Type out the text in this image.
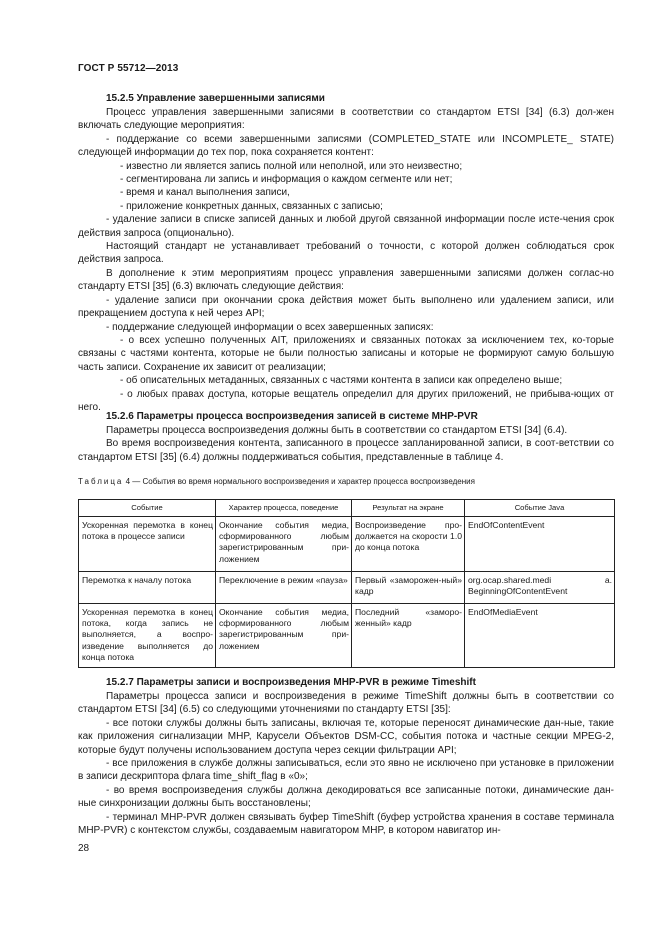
ГОСТ Р 55712—2013
15.2.5 Управление завершенными записями

Процесс управления завершенными записями в соответствии со стандартом ETSI [34] (6.3) дол-жен включать следующие мероприятия:

- поддержание со всеми завершенными записями (COMPLETED_STATE или INCOMPLETE_ STATE) следующей информации до тех пор, пока сохраняется контент:

- известно ли является запись полной или неполной, или это неизвестно;

- сегментирована ли запись и информация о каждом сегменте или нет;

- время и канал выполнения записи,

- приложение конкретных данных, связанных с записью;

- удаление записи в списке записей данных и любой другой связанной информации после исте-чения срок действия запроса (опционально).

Настоящий стандарт не устанавливает требований о точности, с которой должен соблюдаться срок действия запроса.

В дополнение к этим мероприятиям процесс управления завершенными записями должен соглас-но стандарту ETSI [35] (6.3) включать следующие действия:

- удаление записи при окончании срока действия может быть выполнено или удалением записи, или прекращением доступа к ней через API;

- поддержание следующей информации о всех завершенных записях:

- о всех успешно полученных AIT, приложениях и связанных потоках за исключением тех, ко-торые связаны с частями контента, которые не были полностью записаны и которые не формируют самую большую часть записи. Сохранение их зависит от реализации;

- об описательных метаданных, связанных с частями контента в записи как определено выше;

- о любых правах доступа, которые вещатель определил для других приложений, не прибыва-ющих от него.

15.2.6 Параметры процесса воспроизведения записей в системе MHP-PVR

Параметры процесса воспроизведения должны быть в соответствии со стандартом ETSI [34] (6.4).

Во время воспроизведения контента, записанного в процессе запланированной записи, в соот-ветствии со стандартом ETSI [35] (6.4) должны поддерживаться события, представленные в таблице 4.

Таблица 4 — События во время нормального воспроизведения и характер процесса воспроизведения
Событие	Характер процесса, поведение	Результат на экране	Событие Java
Ускоренная перемотка в конец потока в процессе записи	Окончание события медиа, сформированного любым зарегистрированным при-ложением	Воспроизведение про-должается на скорости 1.0 до конца потока	EndOfContentEvent
Перемотка к началу потока	Переключение в режим «пауза»	Первый «заморожен-ный» кадр	org.ocap.shared.medi a. BeginningOfContentEvent
Ускоренная перемотка в конец потока, когда запись не выполняется, а воспро-изведение выполняется до конца потока	Окончание события медиа, сформированного любым зарегистрированным при-ложением	Последний «заморо-женный» кадр	EndOfMediaEvent
15.2.7 Параметры записи и воспроизведения MHP-PVR в режиме Timeshift

Параметры процесса записи и воспроизведения в режиме TimeShift должны быть в соответствии со стандартом ETSI [34] (6.5) со следующими уточнениями по стандарту ETSI [35]:

- все потоки службы должны быть записаны, включая те, которые переносят динамические дан-ные, такие как приложения сигнализации MHP, Карусели Объектов DSM-CC, события потока и частные секции MPEG-2, которые будут получены использованием доступа через секции фильтрации API;

- все приложения в службе должны записываться, если это явно не исключено при установке в приложении в записи дескриптора флага time_shift_flag в «0»;

- во время воспроизведения службы должна декодироваться все записанные потоки, динамические дан-ные синхронизации должны быть восстановлены;

- терминал MHP-PVR должен связывать буфер TimeShift (буфер устройства хранения в составе терминала MHP-PVR) с контекстом службы, создаваемым навигатором MHP, в котором навигатор ин-

28
